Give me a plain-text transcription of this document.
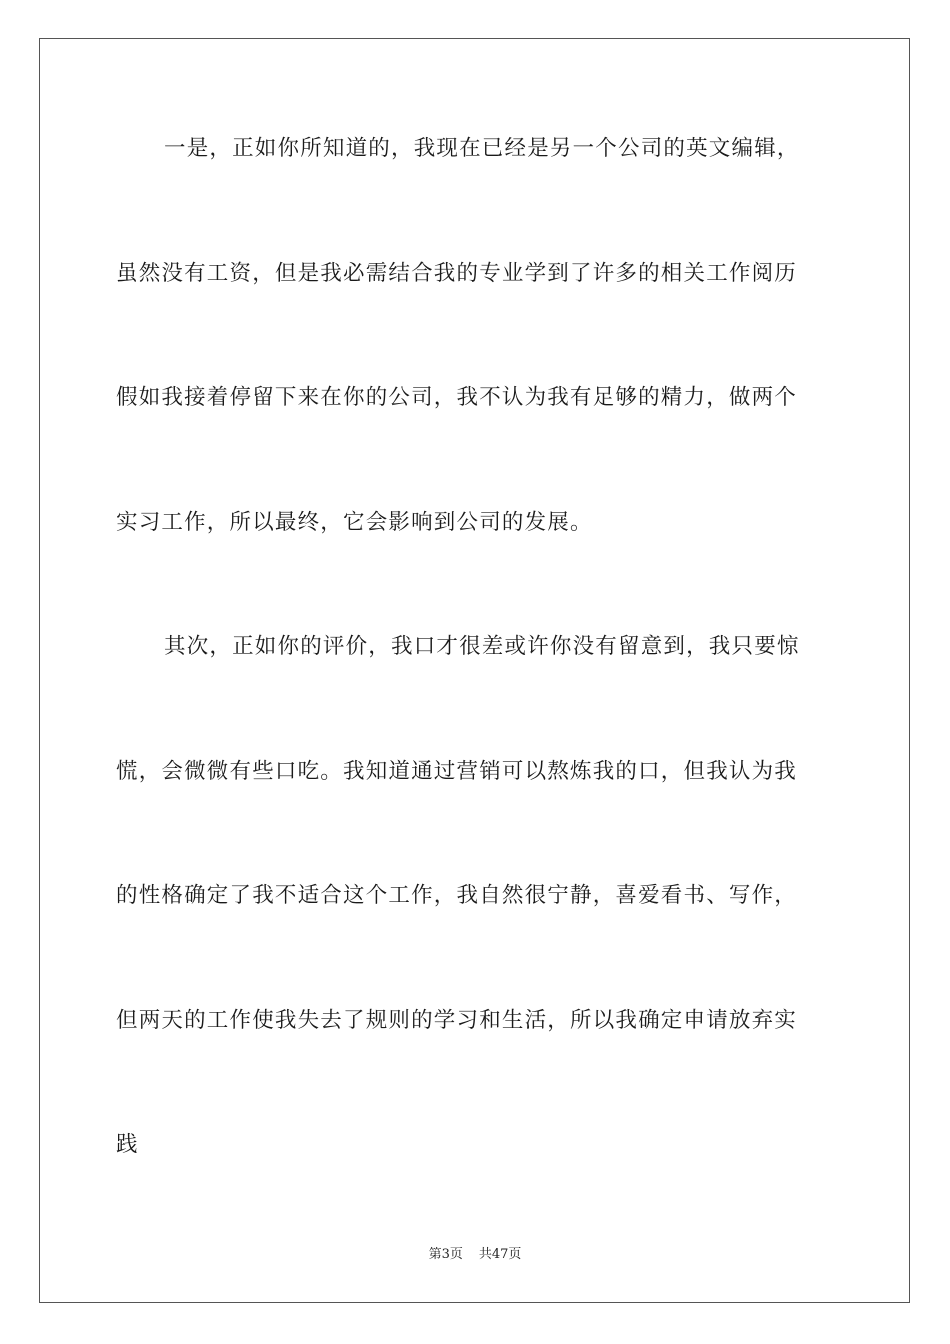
一是，正如你所知道的，我现在已经是另一个公司的英文编辑，
虽然没有工资，但是我必需结合我的专业学到了许多的相关工作阅历
假如我接着停留下来在你的公司，我不认为我有足够的精力，做两个
实习工作，所以最终，它会影响到公司的发展。
其次，正如你的评价，我口才很差或许你没有留意到，我只要惊
慌，会微微有些口吃。我知道通过营销可以熬炼我的口，但我认为我
的性格确定了我不适合这个工作，我自然很宁静，喜爱看书、写作，
但两天的工作使我失去了规则的学习和生活，所以我确定申请放弃实
践
第3页 共47页
